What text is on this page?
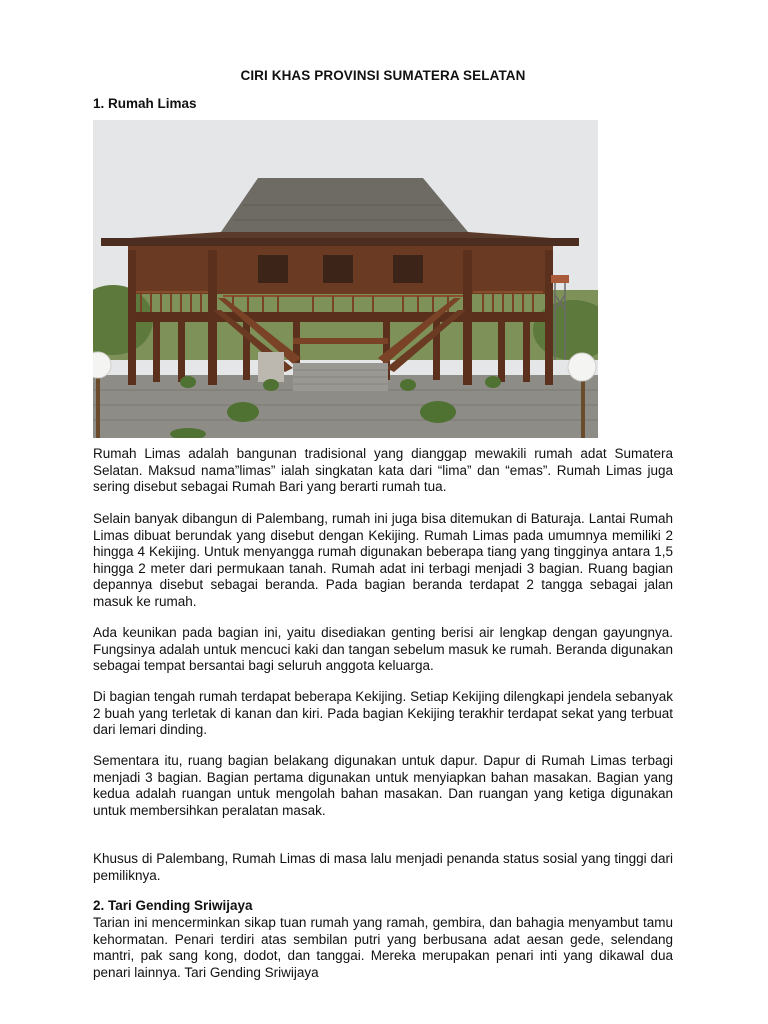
CIRI KHAS PROVINSI SUMATERA SELATAN
1. Rumah Limas

Rumah Limas adalah bangunan tradisional yang dianggap mewakili rumah adat Sumatera Selatan. Maksud nama”limas” ialah singkatan kata dari “lima” dan “emas”. Rumah Limas juga sering disebut sebagai Rumah Bari yang berarti rumah tua.

Selain banyak dibangun di Palembang, rumah ini juga bisa ditemukan di Baturaja. Lantai Rumah Limas dibuat berundak yang disebut dengan Kekijing. Rumah Limas pada umumnya memiliki 2 hingga 4 Kekijing. Untuk menyangga rumah digunakan beberapa tiang yang tingginya antara 1,5 hingga 2 meter dari permukaan tanah. Rumah adat ini terbagi menjadi 3 bagian. Ruang bagian depannya disebut sebagai beranda. Pada bagian beranda terdapat 2 tangga sebagai jalan masuk ke rumah.

Ada keunikan pada bagian ini, yaitu disediakan genting berisi air lengkap dengan gayungnya. Fungsinya adalah untuk mencuci kaki dan tangan sebelum masuk ke rumah. Beranda digunakan sebagai tempat bersantai bagi seluruh anggota keluarga.

Di bagian tengah rumah terdapat beberapa Kekijing. Setiap Kekijing dilengkapi jendela sebanyak 2 buah yang terletak di kanan dan kiri. Pada bagian Kekijing terakhir terdapat sekat yang terbuat dari lemari dinding.

Sementara itu, ruang bagian belakang digunakan untuk dapur. Dapur di Rumah Limas terbagi menjadi 3 bagian. Bagian pertama digunakan untuk menyiapkan bahan masakan. Bagian yang kedua adalah ruangan untuk mengolah bahan masakan. Dan ruangan yang ketiga digunakan untuk membersihkan peralatan masak.

Khusus di Palembang, Rumah Limas di masa lalu menjadi penanda status sosial yang tinggi dari pemiliknya.

2. Tari Gending Sriwijaya

Tarian ini mencerminkan sikap tuan rumah yang ramah, gembira, dan bahagia menyambut tamu kehormatan. Penari terdiri atas sembilan putri yang berbusana adat aesan gede, selendang mantri, pak sang kong, dodot, dan tanggai. Mereka merupakan penari inti yang dikawal dua penari lainnya. Tari Gending Sriwijaya
